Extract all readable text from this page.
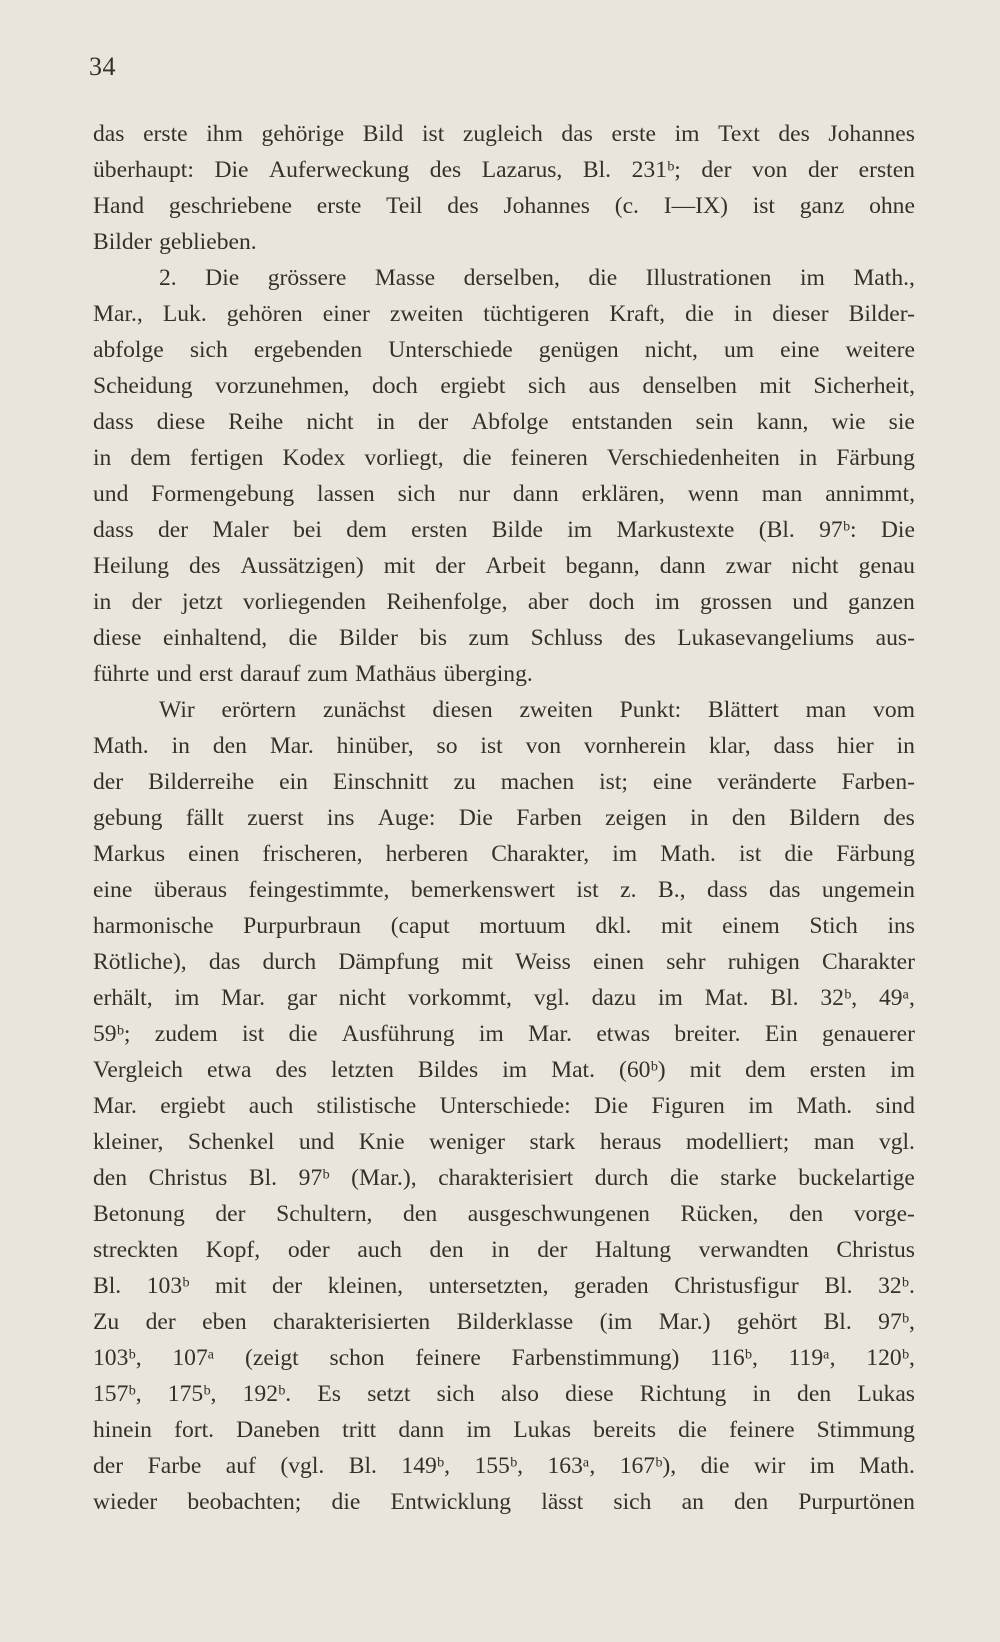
34
das erste ihm gehörige Bild ist zugleich das erste im Text des Johannes
überhaupt: Die Auferweckung des Lazarus, Bl. 231ᵇ; der von der ersten
Hand geschriebene erste Teil des Johannes (c. I—IX) ist ganz ohne
Bilder geblieben.
2. Die grössere Masse derselben, die Illustrationen im Math.,
Mar., Luk. gehören einer zweiten tüchtigeren Kraft, die in dieser Bilder-
abfolge sich ergebenden Unterschiede genügen nicht, um eine weitere
Scheidung vorzunehmen, doch ergiebt sich aus denselben mit Sicherheit,
dass diese Reihe nicht in der Abfolge entstanden sein kann, wie sie
in dem fertigen Kodex vorliegt, die feineren Verschiedenheiten in Färbung
und Formengebung lassen sich nur dann erklären, wenn man annimmt,
dass der Maler bei dem ersten Bilde im Markustexte (Bl. 97ᵇ: Die
Heilung des Aussätzigen) mit der Arbeit begann, dann zwar nicht genau
in der jetzt vorliegenden Reihenfolge, aber doch im grossen und ganzen
diese einhaltend, die Bilder bis zum Schluss des Lukasevangeliums aus-
führte und erst darauf zum Mathäus überging.
Wir erörtern zunächst diesen zweiten Punkt: Blättert man vom
Math. in den Mar. hinüber, so ist von vornherein klar, dass hier in
der Bilderreihe ein Einschnitt zu machen ist; eine veränderte Farben-
gebung fällt zuerst ins Auge: Die Farben zeigen in den Bildern des
Markus einen frischeren, herberen Charakter, im Math. ist die Färbung
eine überaus feingestimmte, bemerkenswert ist z. B., dass das ungemein
harmonische Purpurbraun (caput mortuum dkl. mit einem Stich ins
Rötliche), das durch Dämpfung mit Weiss einen sehr ruhigen Charakter
erhält, im Mar. gar nicht vorkommt, vgl. dazu im Mat. Bl. 32ᵇ, 49ᵃ,
59ᵇ; zudem ist die Ausführung im Mar. etwas breiter. Ein genauerer
Vergleich etwa des letzten Bildes im Mat. (60ᵇ) mit dem ersten im
Mar. ergiebt auch stilistische Unterschiede: Die Figuren im Math. sind
kleiner, Schenkel und Knie weniger stark heraus modelliert; man vgl.
den Christus Bl. 97ᵇ (Mar.), charakterisiert durch die starke buckelartige
Betonung der Schultern, den ausgeschwungenen Rücken, den vorge-
streckten Kopf, oder auch den in der Haltung verwandten Christus
Bl. 103ᵇ mit der kleinen, untersetzten, geraden Christusfigur Bl. 32ᵇ.
Zu der eben charakterisierten Bilderklasse (im Mar.) gehört Bl. 97ᵇ,
103ᵇ, 107ᵃ (zeigt schon feinere Farbenstimmung) 116ᵇ, 119ᵃ, 120ᵇ,
157ᵇ, 175ᵇ, 192ᵇ. Es setzt sich also diese Richtung in den Lukas
hinein fort. Daneben tritt dann im Lukas bereits die feinere Stimmung
der Farbe auf (vgl. Bl. 149ᵇ, 155ᵇ, 163ᵃ, 167ᵇ), die wir im Math.
wieder beobachten; die Entwicklung lässt sich an den Purpurtönen
